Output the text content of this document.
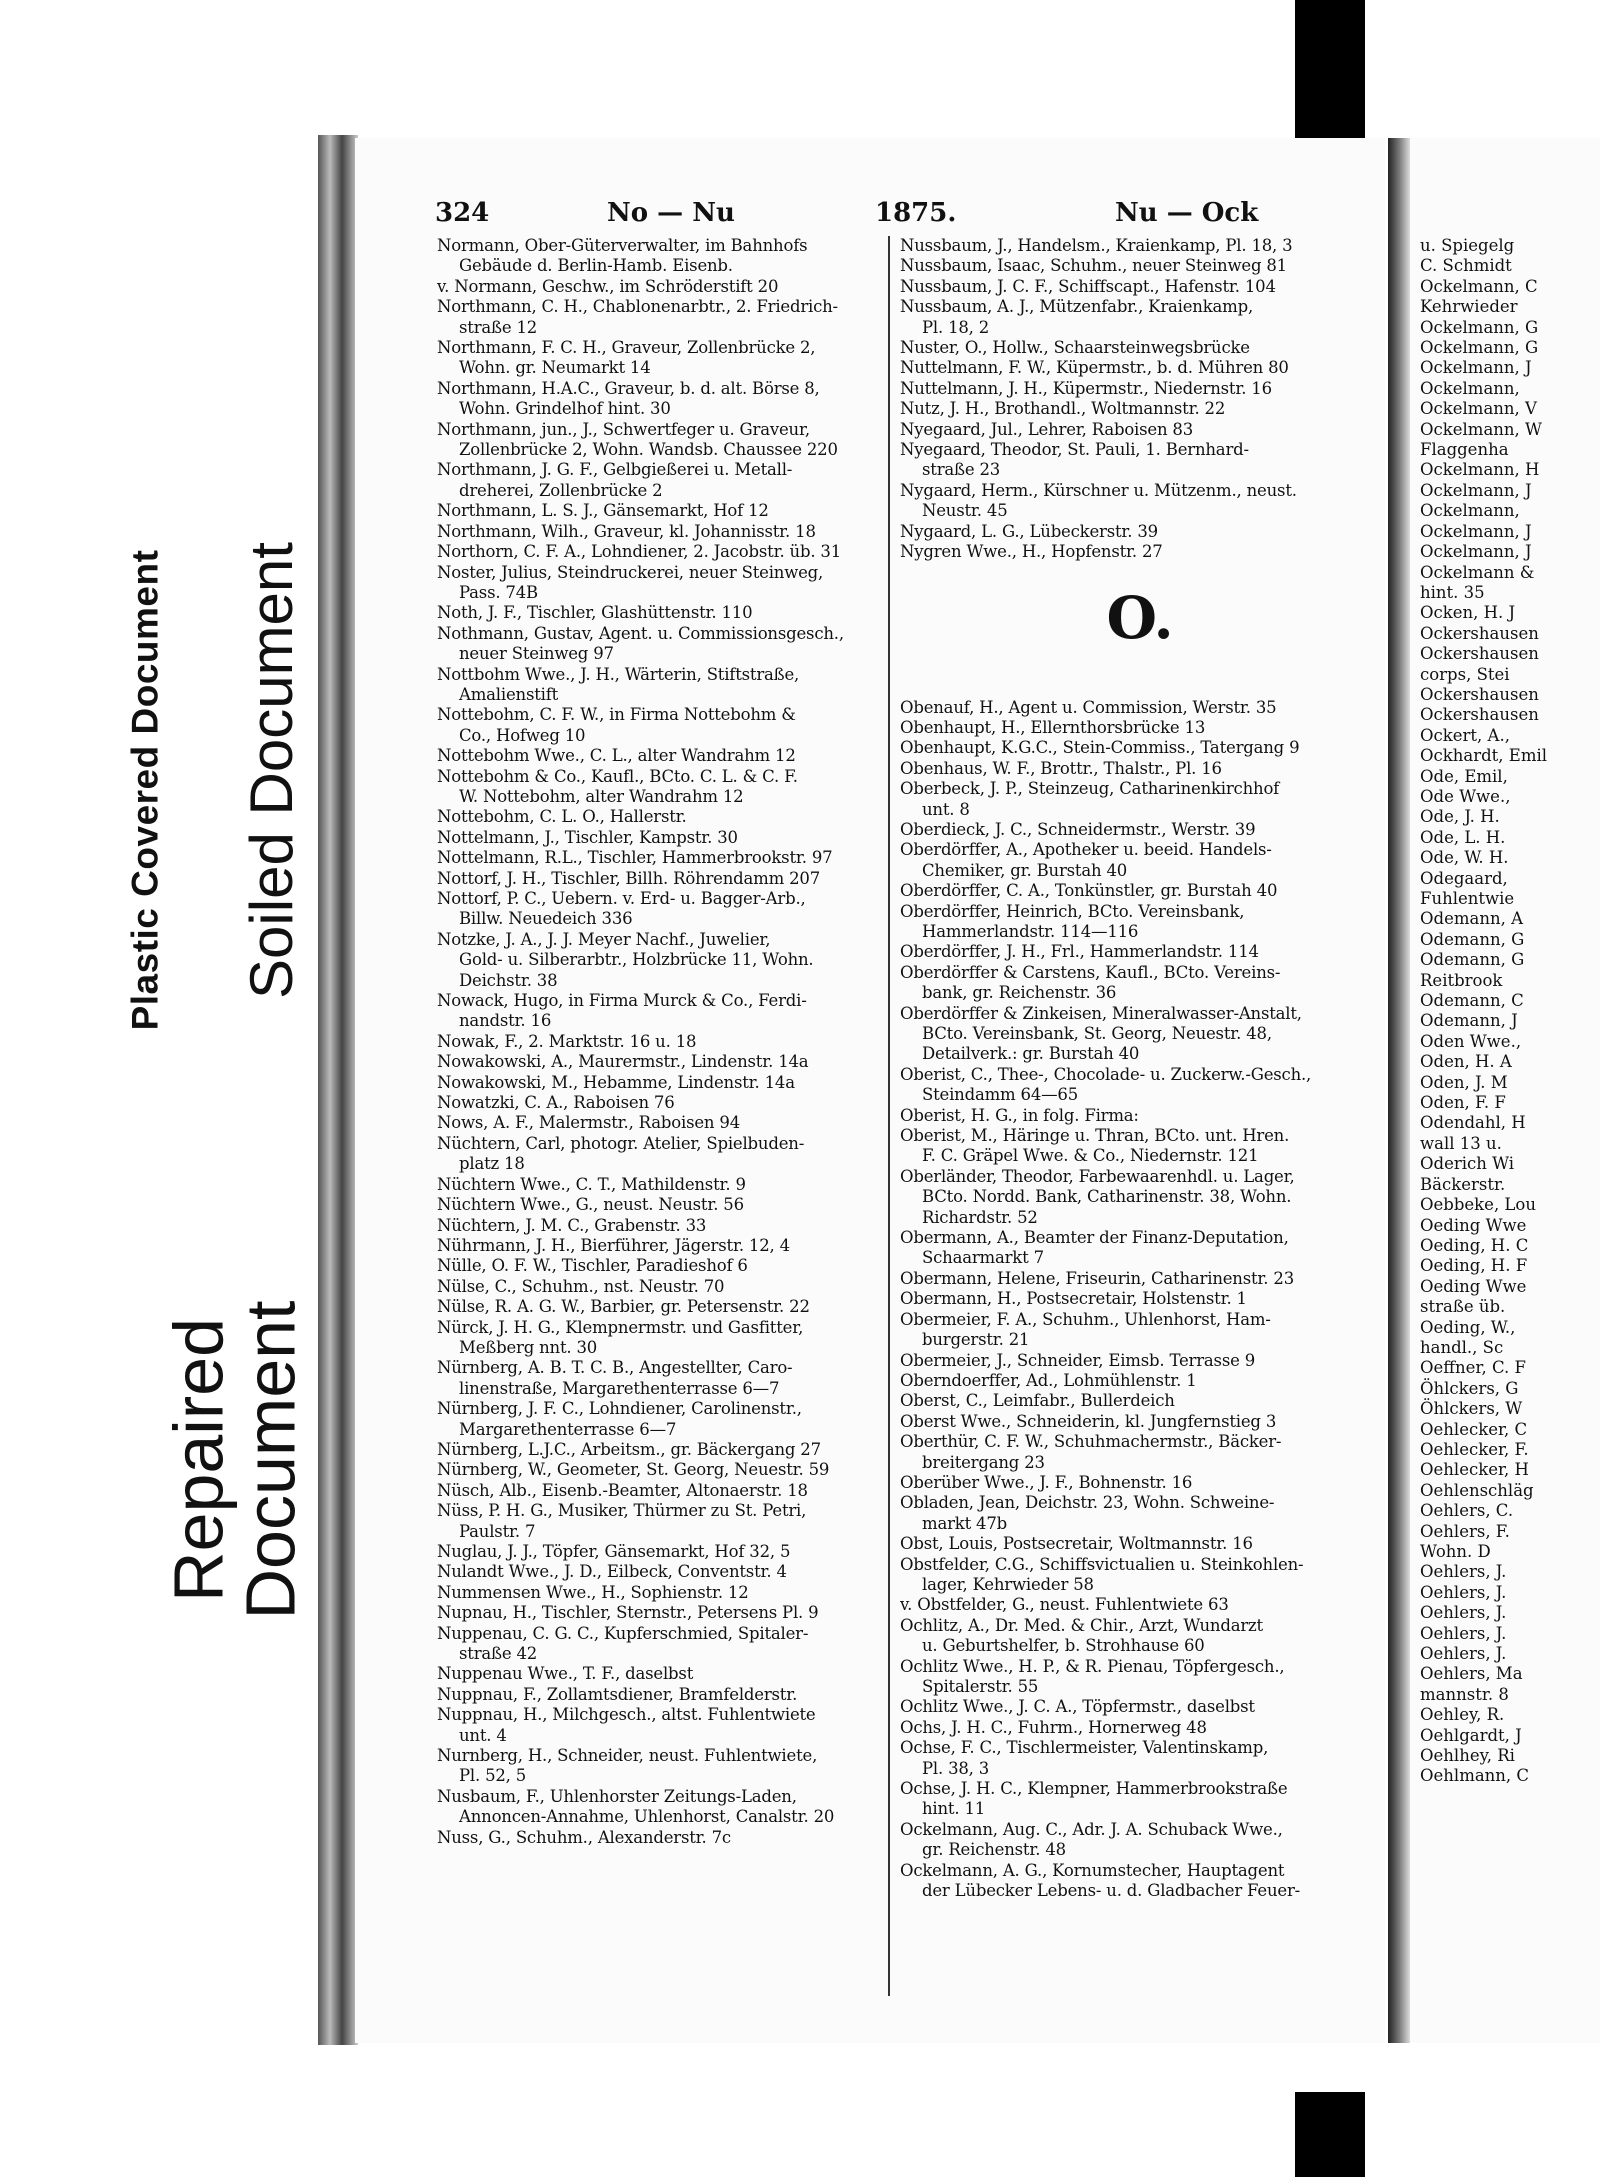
Plastic Covered Document Soiled Document
Repaired
Document
324	No — Nu	1875.	Nu — Ock
Normann, Ober-Güterverwalter, im Bahnhofs
Gebäude d. Berlin-Hamb. Eisenb.
v. Normann, Geschw., im Schröderstift 20
Northmann, C. H., Chablonenarbtr., 2. Friedrich-
straße 12
Northmann, F. C. H., Graveur, Zollenbrücke 2,
Wohn. gr. Neumarkt 14
Northmann, H.A.C., Graveur, b. d. alt. Börse 8,
Wohn. Grindelhof hint. 30
Northmann, jun., J., Schwertfeger u. Graveur,
Zollenbrücke 2, Wohn. Wandsb. Chaussee 220
Northmann, J. G. F., Gelbgießerei u. Metall-
dreherei, Zollenbrücke 2
Northmann, L. S. J., Gänsemarkt, Hof 12
Northmann, Wilh., Graveur, kl. Johannisstr. 18
Northorn, C. F. A., Lohndiener, 2. Jacobstr. üb. 31
Noster, Julius, Steindruckerei, neuer Steinweg,
Pass. 74B
Noth, J. F., Tischler, Glashüttenstr. 110
Nothmann, Gustav, Agent. u. Commissionsgesch.,
neuer Steinweg 97
Nottbohm Wwe., J. H., Wärterin, Stiftstraße,
Amalienstift
Nottebohm, C. F. W., in Firma Nottebohm &
Co., Hofweg 10
Nottebohm Wwe., C. L., alter Wandrahm 12
Nottebohm & Co., Kaufl., BCto. C. L. & C. F.
W. Nottebohm, alter Wandrahm 12
Nottebohm, C. L. O., Hallerstr.
Nottelmann, J., Tischler, Kampstr. 30
Nottelmann, R.L., Tischler, Hammerbrookstr. 97
Nottorf, J. H., Tischler, Billh. Röhrendamm 207
Nottorf, P. C., Uebern. v. Erd- u. Bagger-Arb.,
Billw. Neuedeich 336
Notzke, J. A., J. J. Meyer Nachf., Juwelier,
Gold- u. Silberarbtr., Holzbrücke 11, Wohn.
Deichstr. 38
Nowack, Hugo, in Firma Murck & Co., Ferdi-
nandstr. 16
Nowak, F., 2. Marktstr. 16 u. 18
Nowakowski, A., Maurermstr., Lindenstr. 14a
Nowakowski, M., Hebamme, Lindenstr. 14a
Nowatzki, C. A., Raboisen 76
Nows, A. F., Malermstr., Raboisen 94
Nüchtern, Carl, photogr. Atelier, Spielbuden-
platz 18
Nüchtern Wwe., C. T., Mathildenstr. 9
Nüchtern Wwe., G., neust. Neustr. 56
Nüchtern, J. M. C., Grabenstr. 33
Nührmann, J. H., Bierführer, Jägerstr. 12, 4
Nülle, O. F. W., Tischler, Paradieshof 6
Nülse, C., Schuhm., nst. Neustr. 70
Nülse, R. A. G. W., Barbier, gr. Petersenstr. 22
Nürck, J. H. G., Klempnermstr. und Gasfitter,
Meßberg nnt. 30
Nürnberg, A. B. T. C. B., Angestellter, Caro-
linenstraße, Margarethenterrasse 6—7
Nürnberg, J. F. C., Lohndiener, Carolinenstr.,
Margarethenterrasse 6—7
Nürnberg, L.J.C., Arbeitsm., gr. Bäckergang 27
Nürnberg, W., Geometer, St. Georg, Neuestr. 59
Nüsch, Alb., Eisenb.-Beamter, Altonaerstr. 18
Nüss, P. H. G., Musiker, Thürmer zu St. Petri,
Paulstr. 7
Nuglau, J. J., Töpfer, Gänsemarkt, Hof 32, 5
Nulandt Wwe., J. D., Eilbeck, Conventstr. 4
Nummensen Wwe., H., Sophienstr. 12
Nupnau, H., Tischler, Sternstr., Petersens Pl. 9
Nuppenau, C. G. C., Kupferschmied, Spitaler-
straße 42
Nuppenau Wwe., T. F., daselbst
Nuppnau, F., Zollamtsdiener, Bramfelderstr.
Nuppnau, H., Milchgesch., altst. Fuhlentwiete
unt. 4
Nurnberg, H., Schneider, neust. Fuhlentwiete,
Pl. 52, 5
Nusbaum, F., Uhlenhorster Zeitungs-Laden,
Annoncen-Annahme, Uhlenhorst, Canalstr. 20
Nuss, G., Schuhm., Alexanderstr. 7c
Nussbaum, J., Handelsm., Kraienkamp, Pl. 18, 3
Nussbaum, Isaac, Schuhm., neuer Steinweg 81
Nussbaum, J. C. F., Schiffscapt., Hafenstr. 104
Nussbaum, A. J., Mützenfabr., Kraienkamp,
Pl. 18, 2
Nuster, O., Hollw., Schaarsteinwegsbrücke
Nuttelmann, F. W., Küpermstr., b. d. Mühren 80
Nuttelmann, J. H., Küpermstr., Niedernstr. 16
Nutz, J. H., Brothandl., Woltmannstr. 22
Nyegaard, Jul., Lehrer, Raboisen 83
Nyegaard, Theodor, St. Pauli, 1. Bernhard-
straße 23
Nygaard, Herm., Kürschner u. Mützenm., neust.
Neustr. 45
Nygaard, L. G., Lübeckerstr. 39
Nygren Wwe., H., Hopfenstr. 27
O.
Obenauf, H., Agent u. Commission, Werstr. 35
Obenhaupt, H., Ellernthorsbrücke 13
Obenhaupt, K.G.C., Stein-Commiss., Tatergang 9
Obenhaus, W. F., Brottr., Thalstr., Pl. 16
Oberbeck, J. P., Steinzeug, Catharinenkirchhof
unt. 8
Oberdieck, J. C., Schneidermstr., Werstr. 39
Oberdörffer, A., Apotheker u. beeid. Handels-
Chemiker, gr. Burstah 40
Oberdörffer, C. A., Tonkünstler, gr. Burstah 40
Oberdörffer, Heinrich, BCto. Vereinsbank,
Hammerlandstr. 114—116
Oberdörffer, J. H., Frl., Hammerlandstr. 114
Oberdörffer & Carstens, Kaufl., BCto. Vereins-
bank, gr. Reichenstr. 36
Oberdörffer & Zinkeisen, Mineralwasser-Anstalt,
BCto. Vereinsbank, St. Georg, Neuestr. 48,
Detailverk.: gr. Burstah 40
Oberist, C., Thee-, Chocolade- u. Zuckerw.-Gesch.,
Steindamm 64—65
Oberist, H. G., in folg. Firma:
Oberist, M., Häringe u. Thran, BCto. unt. Hren.
F. C. Gräpel Wwe. & Co., Niedernstr. 121
Oberländer, Theodor, Farbewaarenhdl. u. Lager,
BCto. Nordd. Bank, Catharinenstr. 38, Wohn.
Richardstr. 52
Obermann, A., Beamter der Finanz-Deputation,
Schaarmarkt 7
Obermann, Helene, Friseurin, Catharinenstr. 23
Obermann, H., Postsecretair, Holstenstr. 1
Obermeier, F. A., Schuhm., Uhlenhorst, Ham-
burgerstr. 21
Obermeier, J., Schneider, Eimsb. Terrasse 9
Oberndoerffer, Ad., Lohmühlenstr. 1
Oberst, C., Leimfabr., Bullerdeich
Oberst Wwe., Schneiderin, kl. Jungfernstieg 3
Oberthür, C. F. W., Schuhmachermstr., Bäcker-
breitergang 23
Oberüber Wwe., J. F., Bohnenstr. 16
Obladen, Jean, Deichstr. 23, Wohn. Schweine-
markt 47b
Obst, Louis, Postsecretair, Woltmannstr. 16
Obstfelder, C.G., Schiffsvictualien u. Steinkohlen-
lager, Kehrwieder 58
v. Obstfelder, G., neust. Fuhlentwiete 63
Ochlitz, A., Dr. Med. & Chir., Arzt, Wundarzt
u. Geburtshelfer, b. Strohhause 60
Ochlitz Wwe., H. P., & R. Pienau, Töpfergesch.,
Spitalerstr. 55
Ochlitz Wwe., J. C. A., Töpfermstr., daselbst
Ochs, J. H. C., Fuhrm., Hornerweg 48
Ochse, F. C., Tischlermeister, Valentinskamp,
Pl. 38, 3
Ochse, J. H. C., Klempner, Hammerbrookstraße
hint. 11
Ockelmann, Aug. C., Adr. J. A. Schuback Wwe.,
gr. Reichenstr. 48
Ockelmann, A. G., Kornumstecher, Hauptagent
der Lübecker Lebens- u. d. Gladbacher Feuer-
u. Spiegelg
C. Schmidt
Ockelmann, C
Kehrwieder
Ockelmann, G
Ockelmann, G
Ockelmann, J
Ockelmann,
Ockelmann, V
Ockelmann, W
Flaggenha
Ockelmann, H
Ockelmann, J
Ockelmann,
Ockelmann, J
Ockelmann, J
Ockelmann &
hint. 35
Ocken, H. J
Ockershausen
Ockershausen
corps, Stei
Ockershausen
Ockershausen
Ockert, A.,
Ockhardt, Emil
Ode, Emil,
Ode Wwe.,
Ode, J. H.
Ode, L. H.
Ode, W. H.
Odegaard,
Fuhlentwie
Odemann, A
Odemann, G
Odemann, G
Reitbrook
Odemann, C
Odemann, J
Oden Wwe.,
Oden, H. A
Oden, J. M
Oden, F. F
Odendahl, H
wall 13 u.
Oderich Wi
Bäckerstr.
Oebbeke, Lou
Oeding Wwe
Oeding, H. C
Oeding, H. F
Oeding Wwe
straße üb.
Oeding, W.,
handl., Sc
Oeffner, C. F
Öhlckers, G
Öhlckers, W
Oehlecker, C
Oehlecker, F.
Oehlecker, H
Oehlenschläg
Oehlers, C.
Oehlers, F.
Wohn. D
Oehlers, J.
Oehlers, J.
Oehlers, J.
Oehlers, J.
Oehlers, J.
Oehlers, Ma
mannstr. 8
Oehley, R.
Oehlgardt, J
Oehlhey, Ri
Oehlmann, C
